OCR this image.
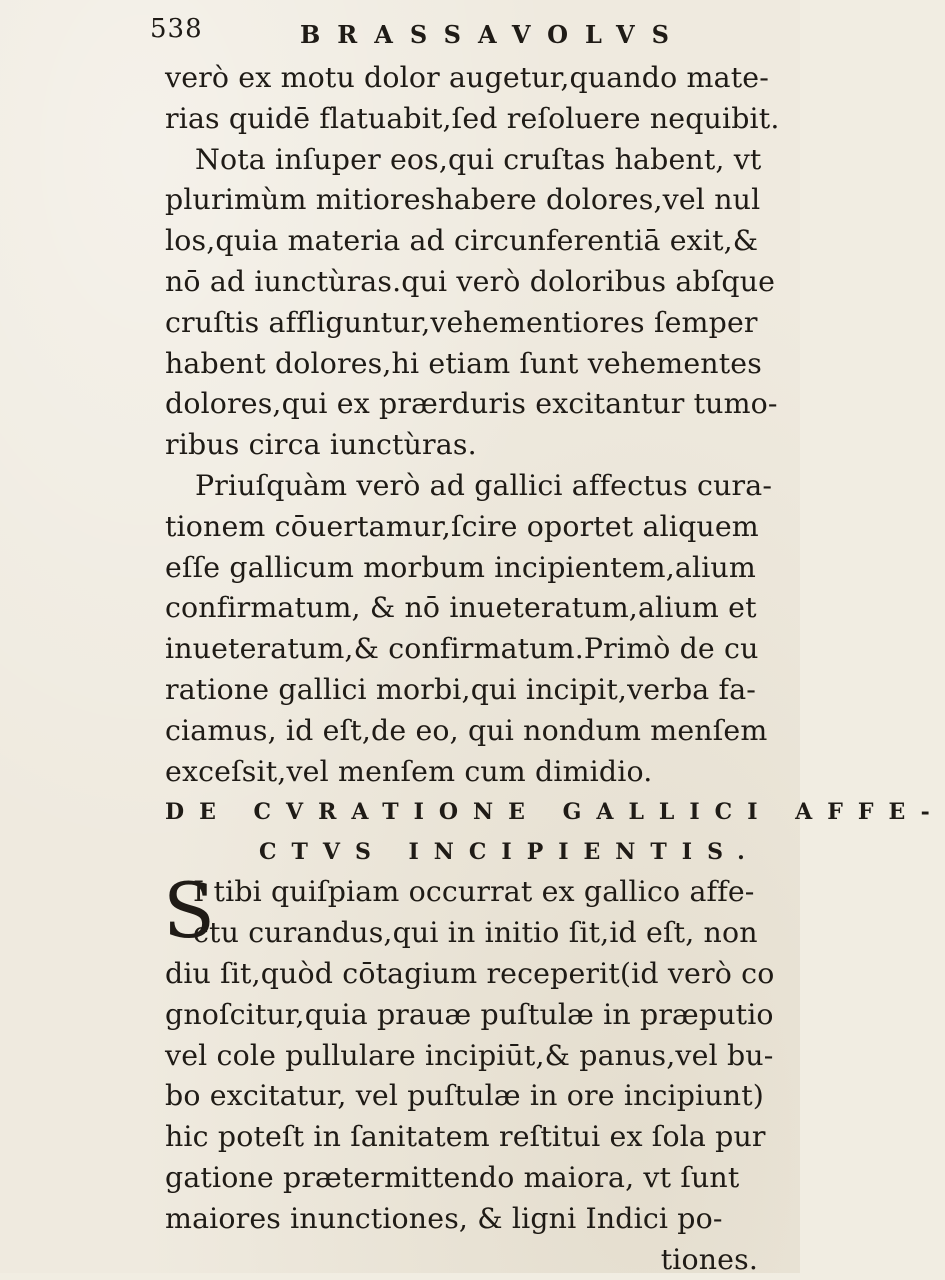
538	BRASSAVOLVS
verò ex motu dolor augetur,quando mate-
rias quidē flatuabit,ſed reſoluere nequibit.
Nota inſuper eos,qui cruſtas habent, vt
plurimùm mitioreshabere dolores,vel nul
los,quia materia ad circunferentiā exit,&
nō ad iunctùras.qui verò doloribus abſque
cruſtis affliguntur,vehementiores ſemper
habent dolores,hi etiam ſunt vehementes
dolores,qui ex prærduris excitantur tumo-
ribus circa iunctùras.
Priuſquàm verò ad gallici affectus cura-
tionem cōuertamur,ſcire oportet aliquem
eſſe gallicum morbum incipientem,alium
confirmatum, & nō inueteratum,alium et
inueteratum,& confirmatum.Primò de cu
ratione gallici morbi,qui incipit,verba fa-
ciamus, id eſt,de eo, qui nondum menſem
exceſsit,vel menſem cum dimidio.
DE CVRATIONE GALLICI AFFE-
CTVS INCIPIENTIS.
S
I tibi quiſpiam occurrat ex gallico affe-
ctu curandus,qui in initio ſit,id eſt, non
diu ſit,quòd cōtagium receperit(id verò co
gnoſcitur,quia prauæ puſtulæ in præputio
vel cole pullulare incipiūt,& panus,vel bu-
bo excitatur, vel puſtulæ in ore incipiunt)
hic poteſt in ſanitatem reſtitui ex ſola pur
gatione prætermittendo maiora, vt ſunt
maiores inunctiones, & ligni Indici po-
tiones.
